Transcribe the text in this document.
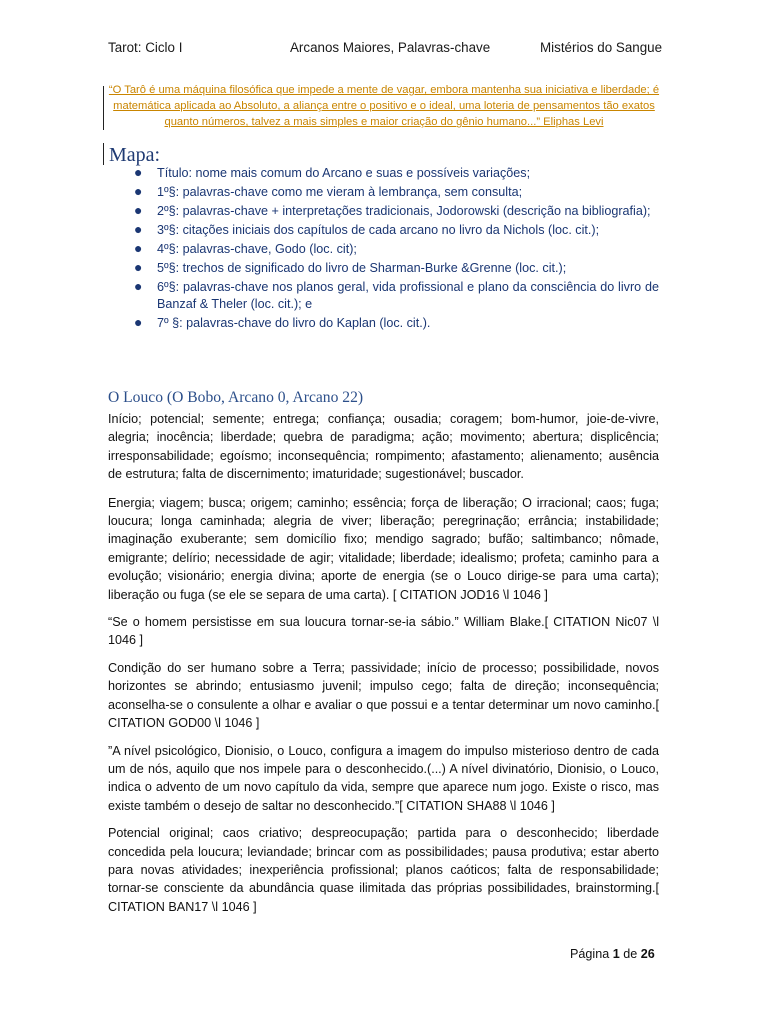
Tarot: Ciclo I	Arcanos Maiores, Palavras-chave	Mistérios do Sangue
“O Tarô é uma máquina filosófica que impede a mente de vagar, embora mantenha sua iniciativa e liberdade; é matemática aplicada ao Absoluto, a aliança entre o positivo e o ideal, uma loteria de pensamentos tão exatos quanto números, talvez a mais simples e maior criação do gênio humano...” Eliphas Levi
Mapa:
● Título: nome mais comum do Arcano e suas e possíveis variações;
● 1º§: palavras-chave como me vieram à lembrança, sem consulta;
● 2º§: palavras-chave + interpretações tradicionais, Jodorowski (descrição na bibliografia);
● 3º§: citações iniciais dos capítulos de cada arcano no livro da Nichols (loc. cit.);
● 4º§: palavras-chave, Godo (loc. cit);
● 5º§: trechos de significado do livro de Sharman-Burke &Grenne (loc. cit.);
● 6º§: palavras-chave nos planos geral, vida profissional e plano da consciência do livro de Banzaf & Theler (loc. cit.); e
● 7º §: palavras-chave do livro do Kaplan (loc. cit.).
O Louco (O Bobo, Arcano 0, Arcano 22)

Início; potencial; semente; entrega; confiança; ousadia; coragem; bom-humor, joie-de-vivre, alegria; inocência; liberdade; quebra de paradigma; ação; movimento; abertura; displicência; irresponsabilidade; egoísmo; inconsequência; rompimento; afastamento; alienamento; ausência de estrutura; falta de discernimento; imaturidade; sugestionável; buscador.

Energia; viagem; busca; origem; caminho; essência; força de liberação; O irracional; caos; fuga; loucura; longa caminhada; alegria de viver; liberação; peregrinação; errância; instabilidade; imaginação exuberante; sem domicílio fixo; mendigo sagrado; bufão; saltimbanco; nômade, emigrante; delírio; necessidade de agir; vitalidade; liberdade; idealismo; profeta; caminho para a evolução; visionário; energia divina; aporte de energia (se o Louco dirige-se para uma carta); liberação ou fuga (se ele se separa de uma carta). [ CITATION JOD16 \l 1046 ]

“Se o homem persistisse em sua loucura tornar-se-ia sábio.” William Blake.[ CITATION Nic07 \l 1046 ]

Condição do ser humano sobre a Terra; passividade; início de processo; possibilidade, novos horizontes se abrindo; entusiasmo juvenil; impulso cego; falta de direção; inconsequência; aconselha-se o consulente a olhar e avaliar o que possui e a tentar determinar um novo caminho.[ CITATION GOD00 \l 1046 ]

”A nível psicológico, Dionisio, o Louco, configura a imagem do impulso misterioso dentro de cada um de nós, aquilo que nos impele para o desconhecido.(...) A nível divinatório, Dionisio, o Louco, indica o advento de um novo capítulo da vida, sempre que aparece num jogo. Existe o risco, mas existe também o desejo de saltar no desconhecido.”[ CITATION SHA88 \l 1046 ]

Potencial original; caos criativo; despreocupação; partida para o desconhecido; liberdade concedida pela loucura; leviandade; brincar com as possibilidades; pausa produtiva; estar aberto para novas atividades; inexperiência profissional; planos caóticos; falta de responsabilidade; tornar-se consciente da abundância quase ilimitada das próprias possibilidades, brainstorming.[ CITATION BAN17 \l 1046 ]

Página 1 de 26
